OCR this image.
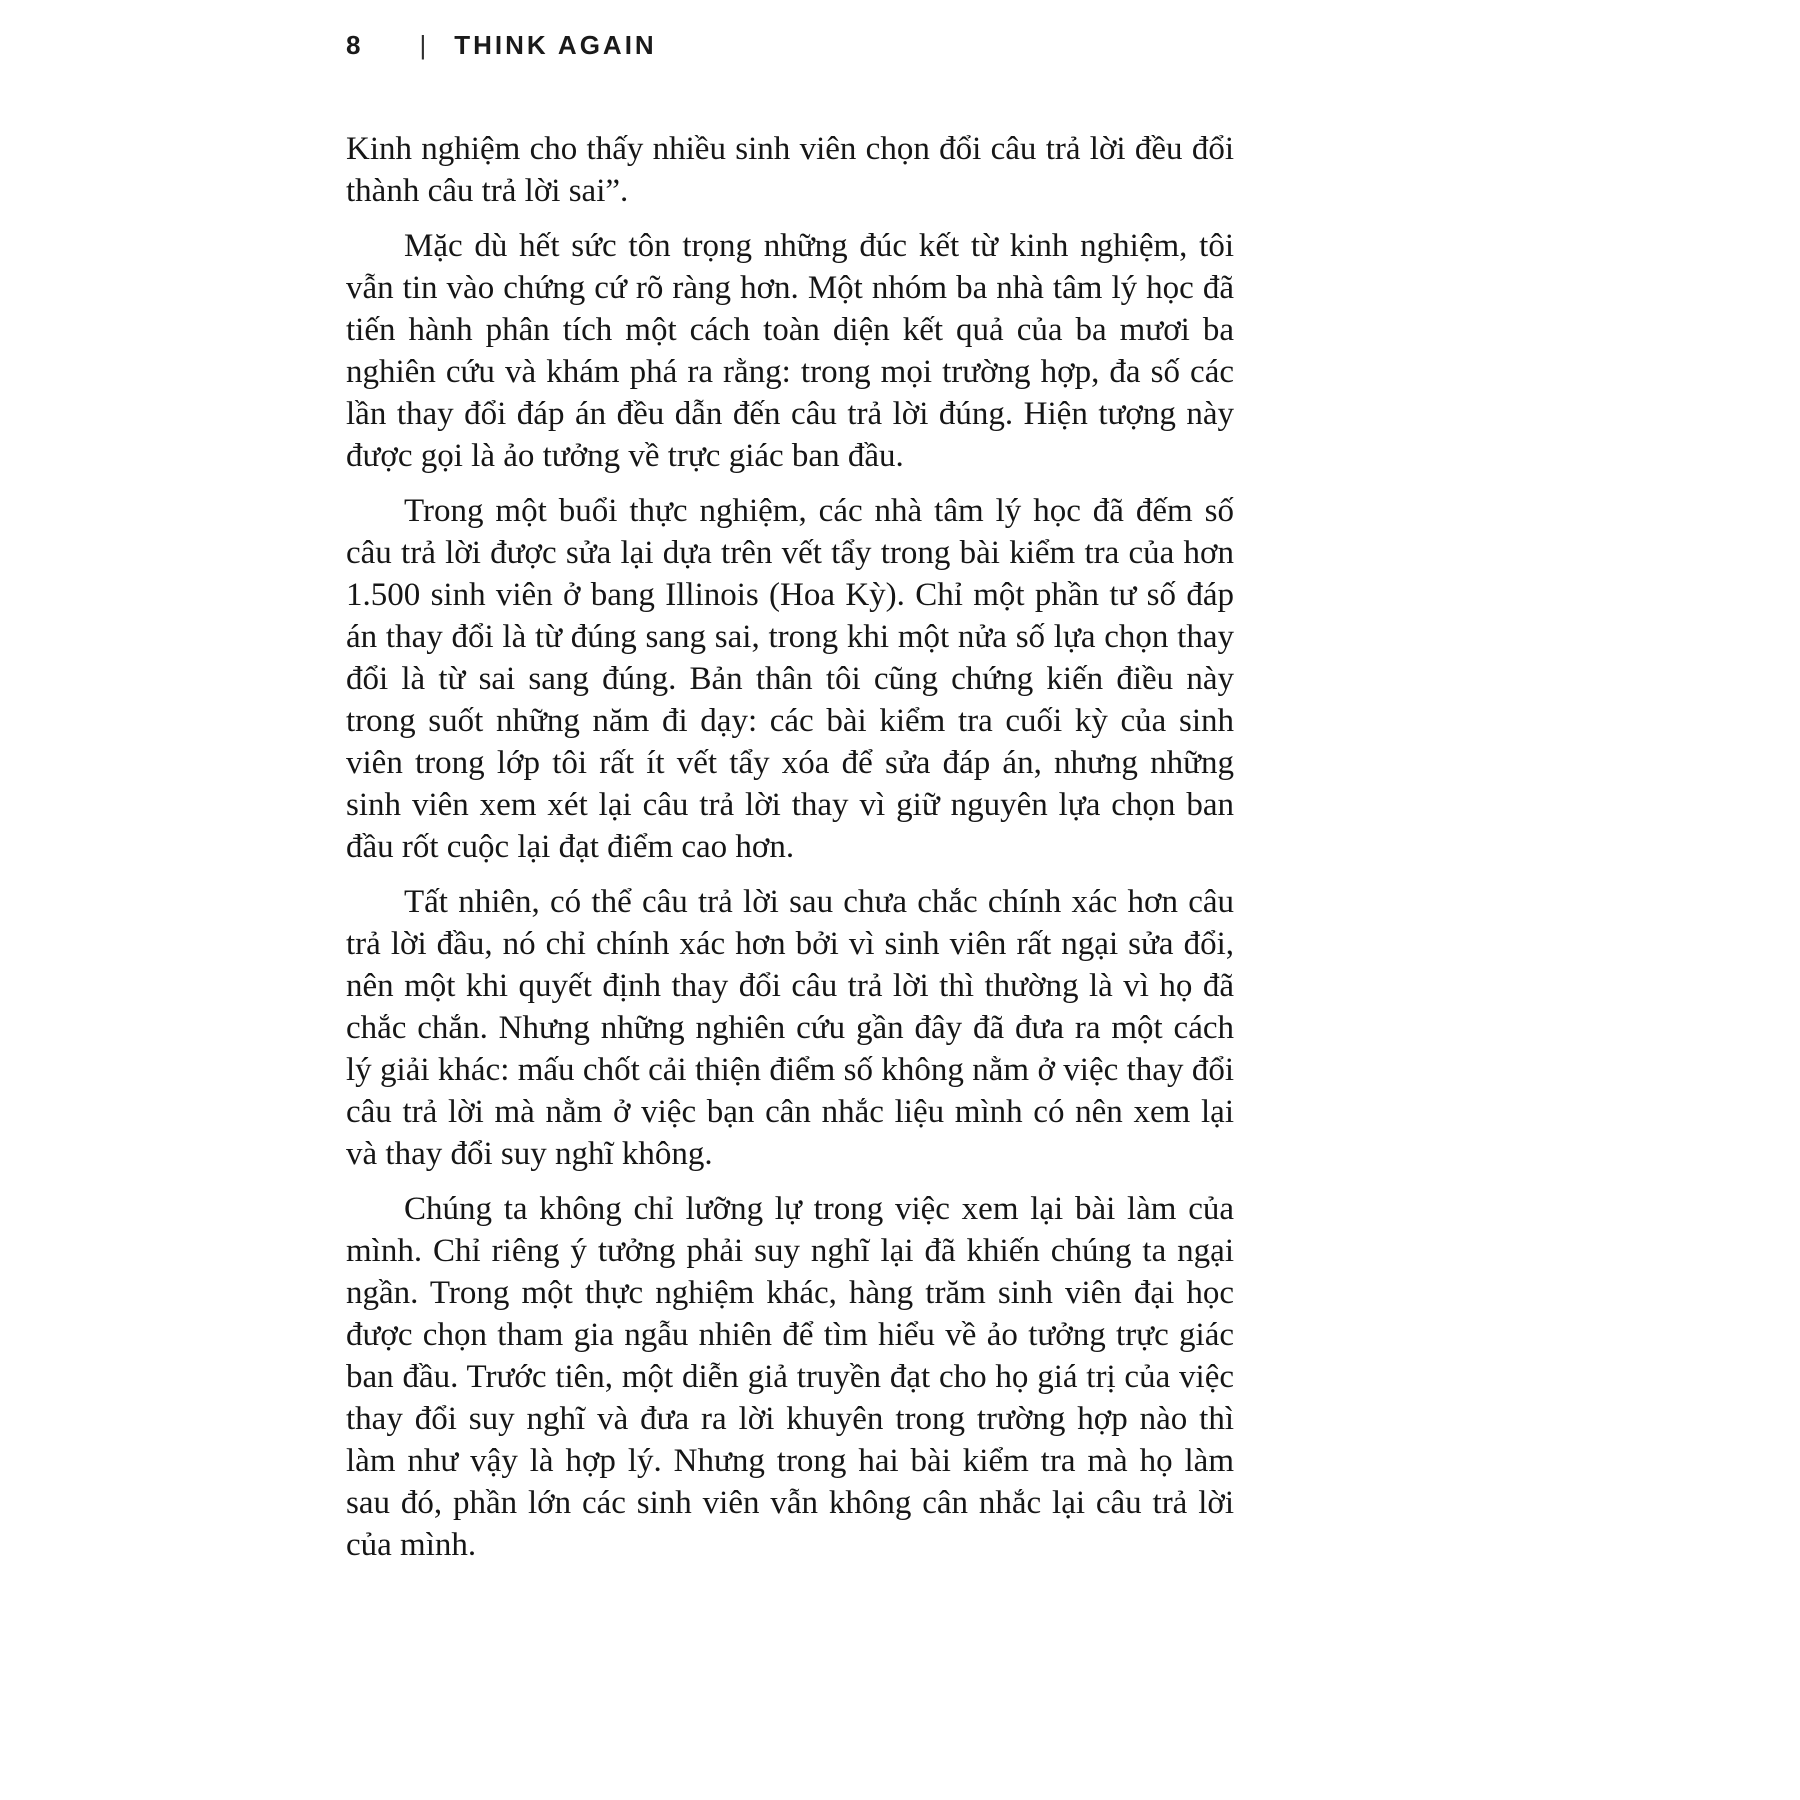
8 | THINK AGAIN

Kinh nghiệm cho thấy nhiều sinh viên chọn đổi câu trả lời đều đổi thành câu trả lời sai”.

Mặc dù hết sức tôn trọng những đúc kết từ kinh nghiệm, tôi vẫn tin vào chứng cứ rõ ràng hơn. Một nhóm ba nhà tâm lý học đã tiến hành phân tích một cách toàn diện kết quả của ba mươi ba nghiên cứu và khám phá ra rằng: trong mọi trường hợp, đa số các lần thay đổi đáp án đều dẫn đến câu trả lời đúng. Hiện tượng này được gọi là ảo tưởng về trực giác ban đầu.

Trong một buổi thực nghiệm, các nhà tâm lý học đã đếm số câu trả lời được sửa lại dựa trên vết tẩy trong bài kiểm tra của hơn 1.500 sinh viên ở bang Illinois (Hoa Kỳ). Chỉ một phần tư số đáp án thay đổi là từ đúng sang sai, trong khi một nửa số lựa chọn thay đổi là từ sai sang đúng. Bản thân tôi cũng chứng kiến điều này trong suốt những năm đi dạy: các bài kiểm tra cuối kỳ của sinh viên trong lớp tôi rất ít vết tẩy xóa để sửa đáp án, nhưng những sinh viên xem xét lại câu trả lời thay vì giữ nguyên lựa chọn ban đầu rốt cuộc lại đạt điểm cao hơn.

Tất nhiên, có thể câu trả lời sau chưa chắc chính xác hơn câu trả lời đầu, nó chỉ chính xác hơn bởi vì sinh viên rất ngại sửa đổi, nên một khi quyết định thay đổi câu trả lời thì thường là vì họ đã chắc chắn. Nhưng những nghiên cứu gần đây đã đưa ra một cách lý giải khác: mấu chốt cải thiện điểm số không nằm ở việc thay đổi câu trả lời mà nằm ở việc bạn cân nhắc liệu mình có nên xem lại và thay đổi suy nghĩ không.

Chúng ta không chỉ lưỡng lự trong việc xem lại bài làm của mình. Chỉ riêng ý tưởng phải suy nghĩ lại đã khiến chúng ta ngại ngần. Trong một thực nghiệm khác, hàng trăm sinh viên đại học được chọn tham gia ngẫu nhiên để tìm hiểu về ảo tưởng trực giác ban đầu. Trước tiên, một diễn giả truyền đạt cho họ giá trị của việc thay đổi suy nghĩ và đưa ra lời khuyên trong trường hợp nào thì làm như vậy là hợp lý. Nhưng trong hai bài kiểm tra mà họ làm sau đó, phần lớn các sinh viên vẫn không cân nhắc lại câu trả lời của mình.
